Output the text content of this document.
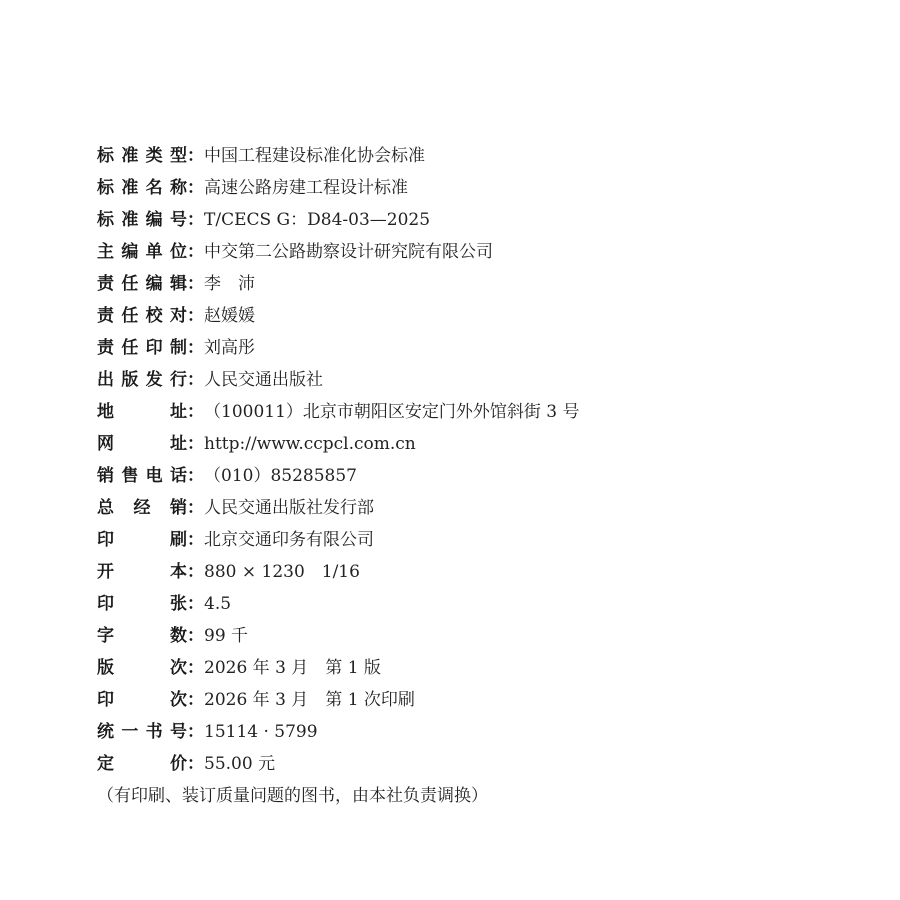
标准类型：中国工程建设标准化协会标准
标准名称：高速公路房建工程设计标准
标准编号：T/CECS G：D84-03—2025
主编单位：中交第二公路勘察设计研究院有限公司
责任编辑：李　沛
责任校对：赵媛媛
责任印制：刘高彤
出版发行：人民交通出版社
地 址：（100011）北京市朝阳区安定门外外馆斜街 3 号
网 址：http://www.ccpcl.com.cn
销售电话：（010）85285857
总经销：人民交通出版社发行部
印 刷：北京交通印务有限公司
开 本：880 × 1230　1/16
印 张：4.5
字 数：99 千
版 次：2026 年 3 月　第 1 版
印 次：2026 年 3 月　第 1 次印刷
统一书号：15114 · 5799
定 价：55.00 元
（有印刷、装订质量问题的图书，由本社负责调换）
